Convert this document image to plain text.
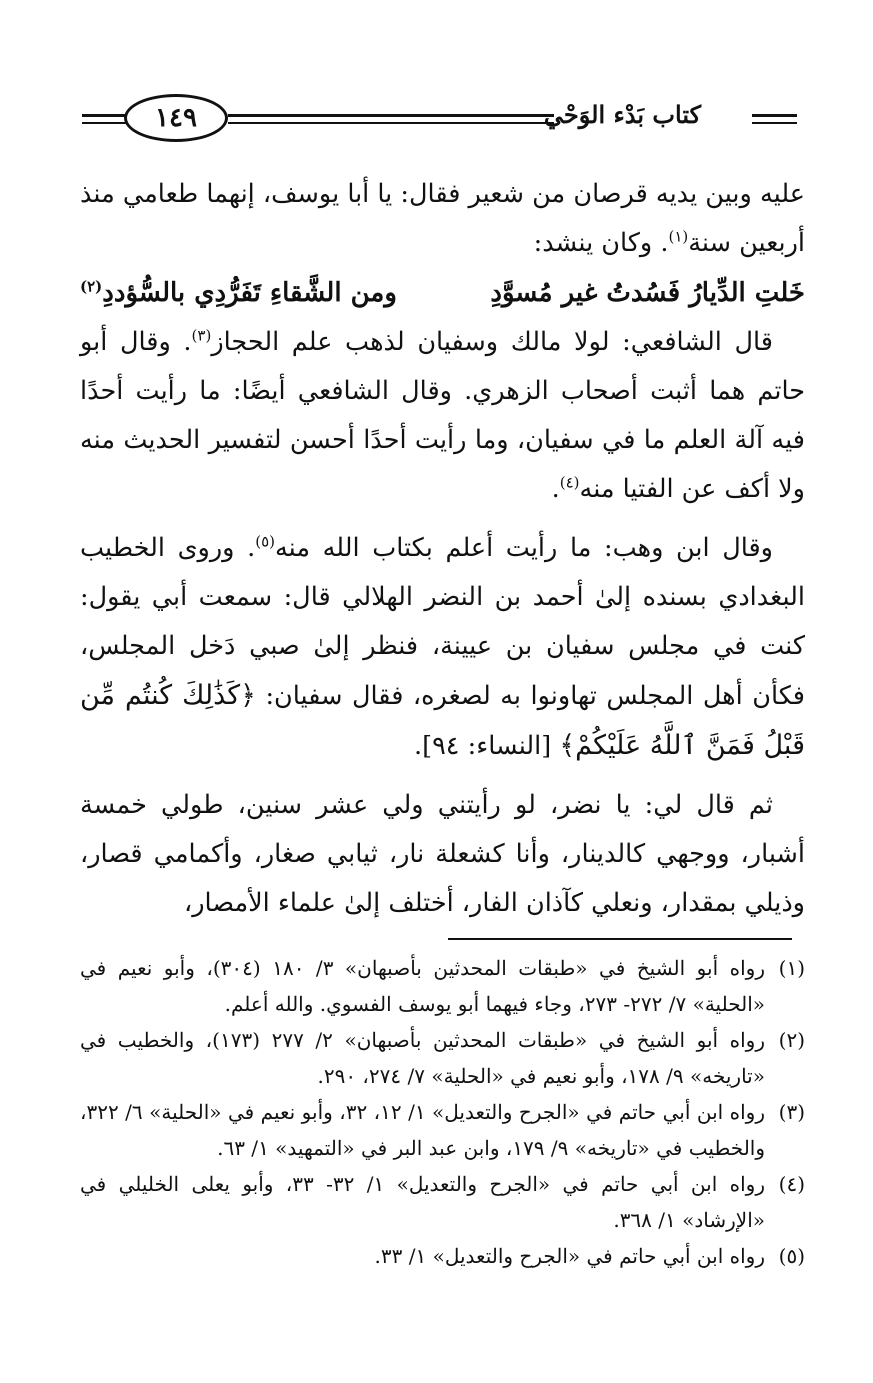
١٤٩	كتاب بَدْء الوَحْي

عليه وبين يديه قرصان من شعير فقال: يا أبا يوسف، إنهما طعامي منذ أربعين سنة$^{(١)}$. وكان ينشد:

خَلتِ الدِّيارُ فَسُدتُ غير مُسوَّدِ
ومن الشَّقاءِ تَفَرُّدِي بالسُّؤددِ$^{(٢)}$

قال الشافعي: لولا مالك وسفيان لذهب علم الحجاز$^{(٣)}$. وقال أبو حاتم هما أثبت أصحاب الزهري. وقال الشافعي أيضًا: ما رأيت أحدًا فيه آلة العلم ما في سفيان، وما رأيت أحدًا أحسن لتفسير الحديث منه ولا أكف عن الفتيا منه$^{(٤)}$.

وقال ابن وهب: ما رأيت أعلم بكتاب الله منه$^{(٥)}$. وروى الخطيب البغدادي بسنده إلىٰ أحمد بن النضر الهلالي قال: سمعت أبي يقول: كنت في مجلس سفيان بن عيينة، فنظر إلىٰ صبي دَخل المجلس، فكأن أهل المجلس تهاونوا به لصغره، فقال سفيان: ﴿كَذَٰلِكَ كُنتُم مِّن قَبْلُ فَمَنَّ ٱللَّهُ عَلَيْكُمْ﴾ [النساء: ٩٤].

ثم قال لي: يا نضر، لو رأيتني ولي عشر سنين، طولي خمسة أشبار، ووجهي كالدينار، وأنا كشعلة نار، ثيابي صغار، وأكمامي قصار، وذيلي بمقدار، ونعلي كآذان الفار، أختلف إلىٰ علماء الأمصار،

(١)
رواه أبو الشيخ في «طبقات المحدثين بأصبهان» ٣/ ١٨٠ (٣٠٤)، وأبو نعيم في «الحلية» ٧/ ٢٧٢- ٢٧٣، وجاء فيهما أبو يوسف الفسوي. والله أعلم.
(٢)
رواه أبو الشيخ في «طبقات المحدثين بأصبهان» ٢/ ٢٧٧ (١٧٣)، والخطيب في «تاريخه» ٩/ ١٧٨، وأبو نعيم في «الحلية» ٧/ ٢٧٤، ٢٩٠.
(٣)
رواه ابن أبي حاتم في «الجرح والتعديل» ١/ ١٢، ٣٢، وأبو نعيم في «الحلية» ٦/ ٣٢٢، والخطيب في «تاريخه» ٩/ ١٧٩، وابن عبد البر في «التمهيد» ١/ ٦٣.
(٤)
رواه ابن أبي حاتم في «الجرح والتعديل» ١/ ٣٢- ٣٣، وأبو يعلى الخليلي في «الإرشاد» ١/ ٣٦٨.
(٥)
رواه ابن أبي حاتم في «الجرح والتعديل» ١/ ٣٣.
